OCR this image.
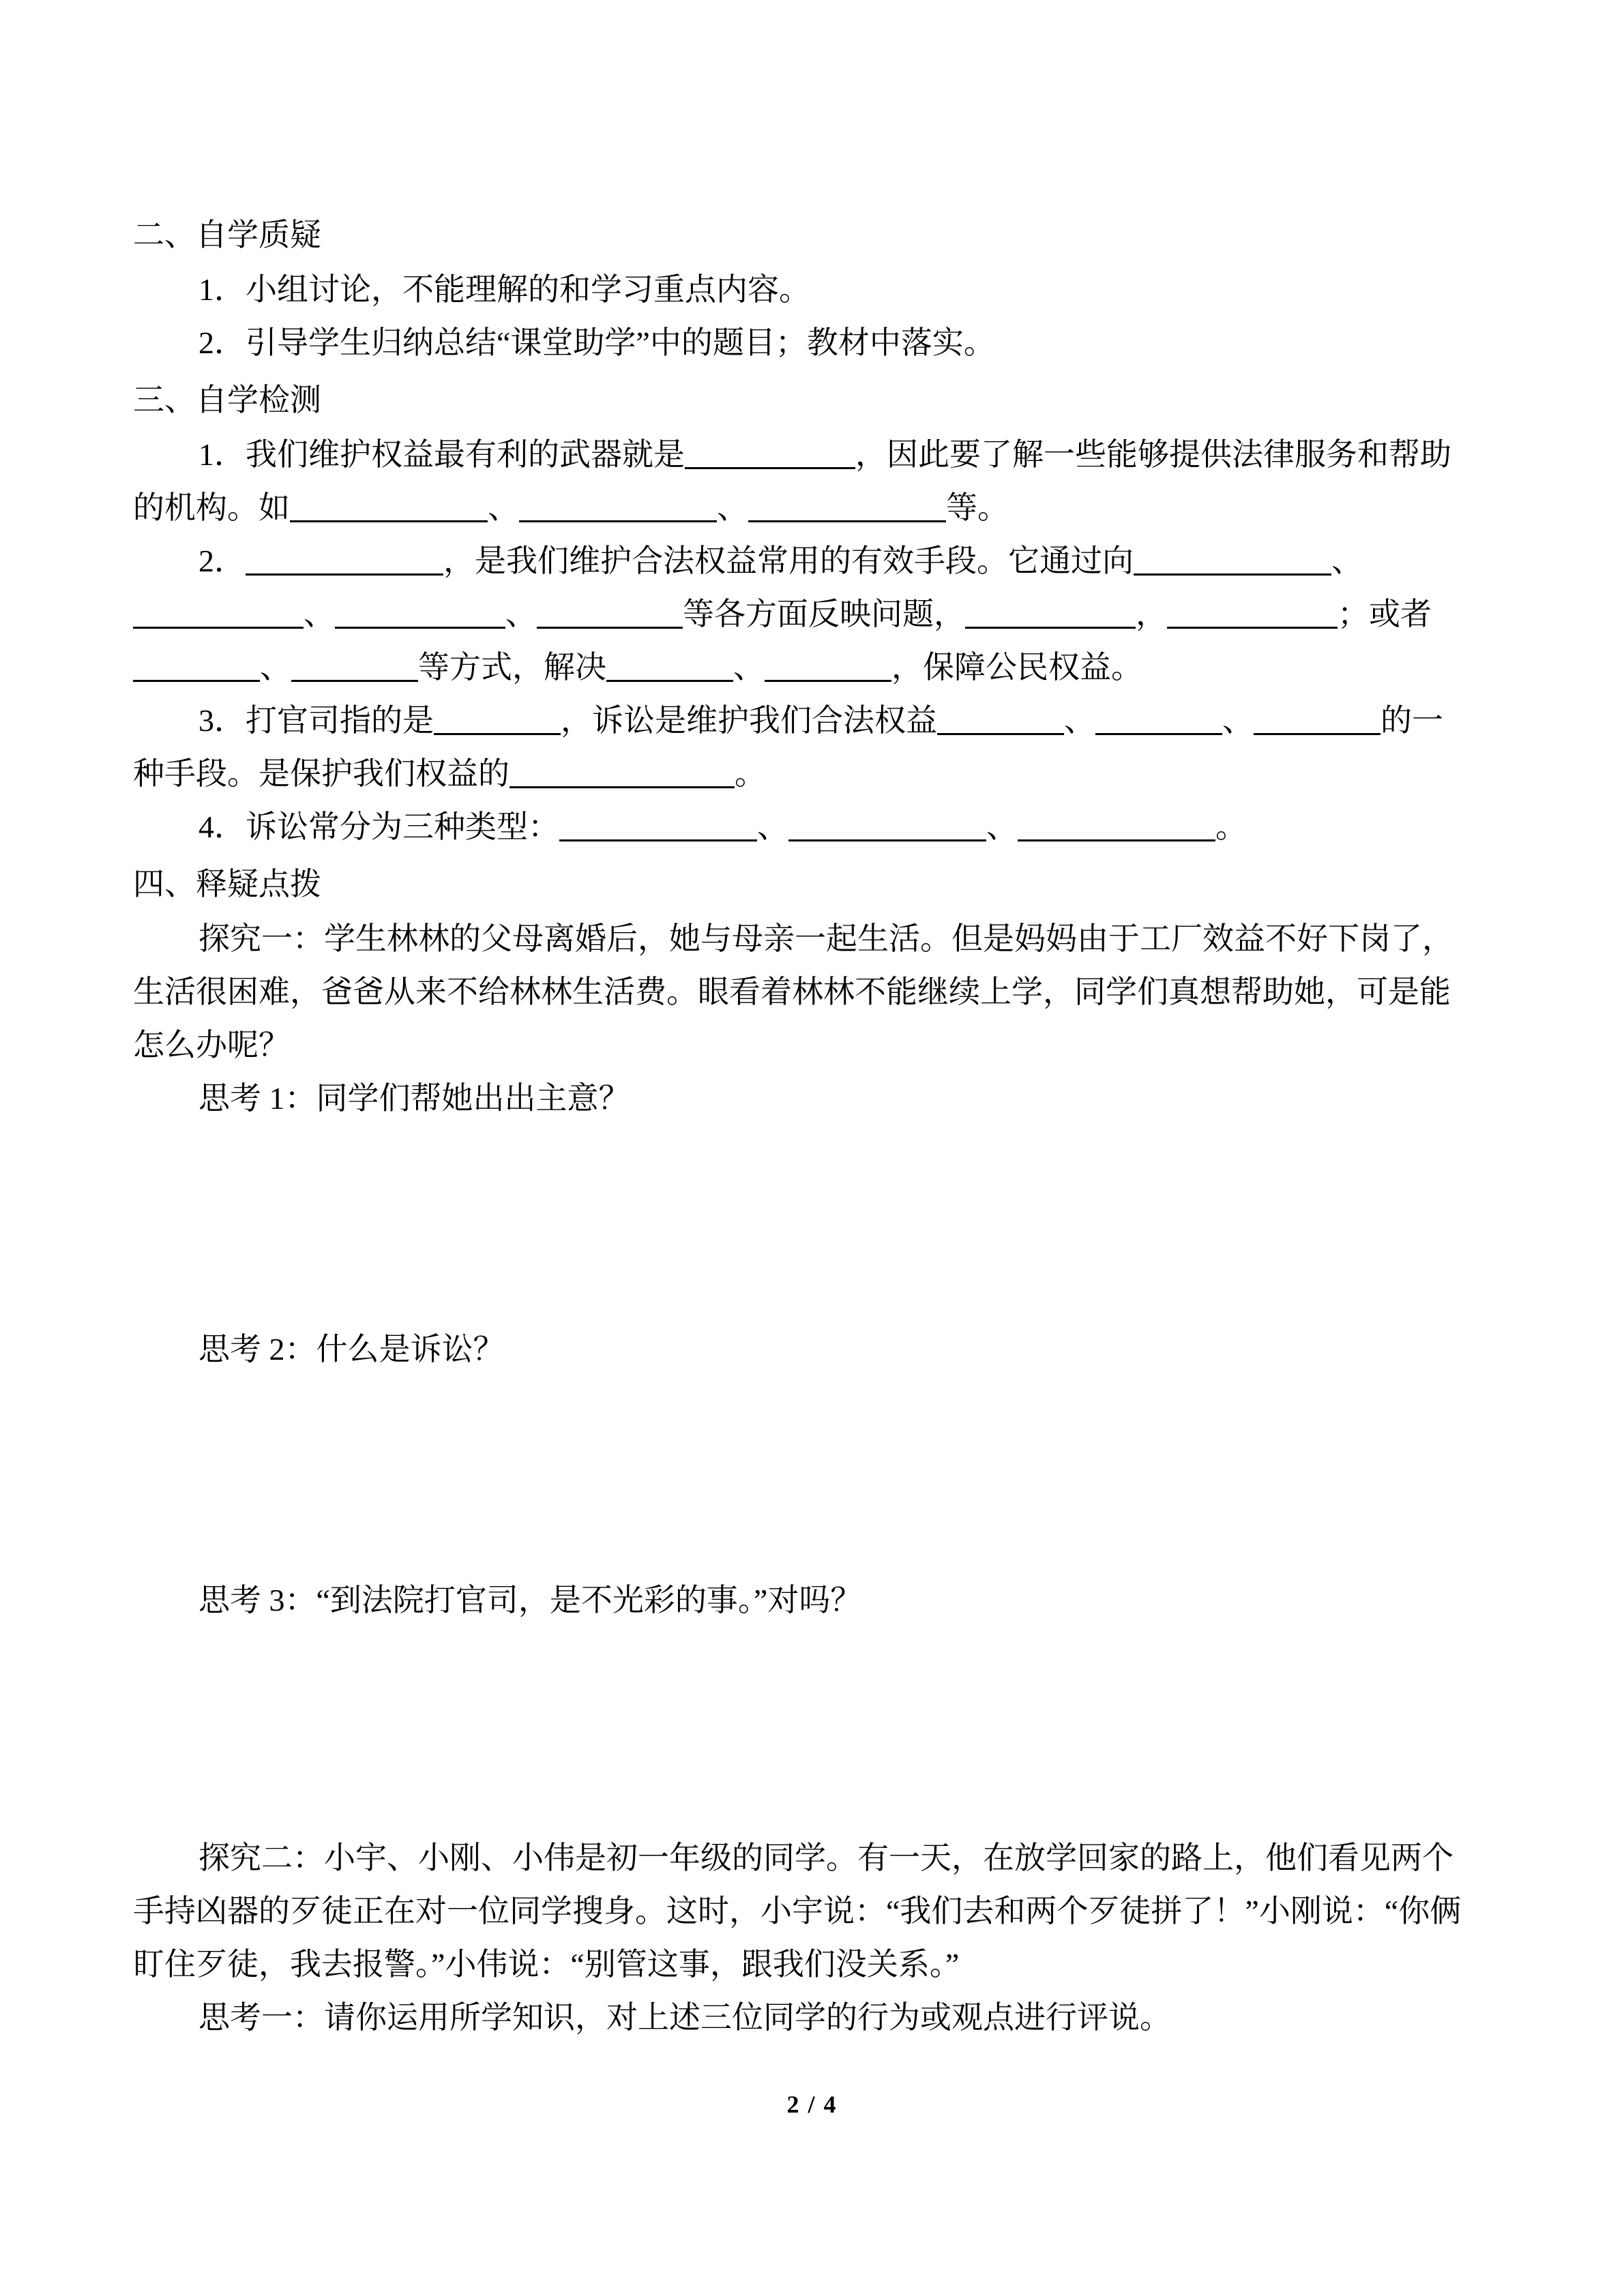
二、自学质疑
1．小组讨论，不能理解的和学习重点内容。
2．引导学生归纳总结“课堂助学”中的题目；教材中落实。
三、自学检测
1．我们维护权益最有利的武器就是	，因此要了解一些能够提供法律服务和帮助的机构。如	、	、	等。
2．	，是我们维护合法权益常用的有效手段。它通过向	、、	、	等各方面反映问题，	，	；或者、	等方式，解决	、	，保障公民权益。
3．打官司指的是	，诉讼是维护我们合法权益	、	、	的一种手段。是保护我们权益的	。
4．诉讼常分为三种类型：	、	、	。
四、释疑点拨
探究一：学生林林的父母离婚后，她与母亲一起生活。但是妈妈由于工厂效益不好下岗了，生活很困难，爸爸从来不给林林生活费。眼看着林林不能继续上学，同学们真想帮助她，可是能怎么办呢？
思考 1：同学们帮她出出主意？
思考 2：什么是诉讼？
思考 3：“到法院打官司，是不光彩的事。”对吗？
探究二：小宇、小刚、小伟是初一年级的同学。有一天，在放学回家的路上，他们看见两个手持凶器的歹徒正在对一位同学搜身。这时，小宇说：“我们去和两个歹徒拼了！”小刚说：“你俩盯住歹徒，我去报警。”小伟说：“别管这事，跟我们没关系。”
思考一：请你运用所学知识，对上述三位同学的行为或观点进行评说。
2 / 4
